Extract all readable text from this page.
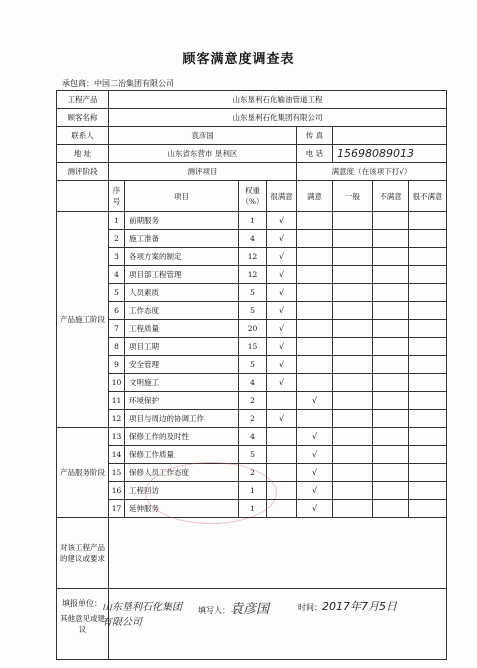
顾客满意度调查表
承包商：中国二冶集团有限公司
工程产品	山东垦利石化输油管道工程							
顾客名称	山东垦利石化集团有限公司							
联系人	袁彦国				传 真			
地 址	山东省东营市 垦利区				电 话	15698089013		
测评阶段	测评项目				满意度（在该项下打√）			
	序号	项目	权重（%）	很满意	满意	一般	不满意	很不满意
产品施工阶段	1	前期服务	1	√				
	2	施工准备	4	√				
	3	各项方案的制定	12	√				
	4	项目部工程管理	12	√				
	5	人员素质	5	√				
	6	工作态度	5	√				
	7	工程质量	20	√				
	8	项目工期	15	√				
	9	安全管理	5	√				
	10	文明施工	4	√				
	11	环境保护	2		√			
	12	项目与周边的协调工作	2	√				
产品服务阶段	13	保修工作的及时性	4		√			
	14	保修工作质量	5		√			
	15	保修人员工作态度	2		√			
	16	工程回访	1		√			
	17	延伸服务	1		√			
对该工程产品的建议或要求								
其他意见或建议								
填报单位：山东垦利石化集团有限公司
填写人：袁彦国	时间：2017年7月5日
